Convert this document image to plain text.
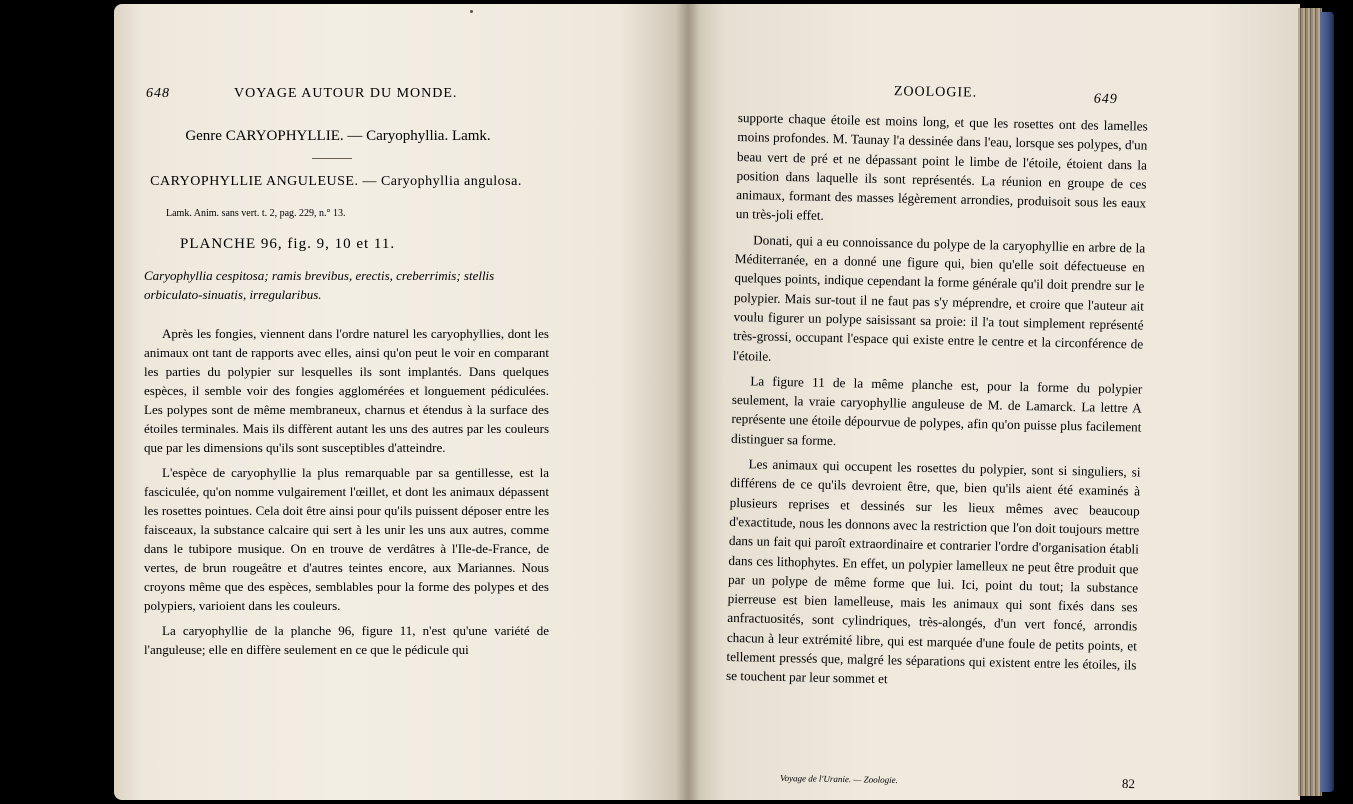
648	VOYAGE AUTOUR DU MONDE.
Genre CARYOPHYLLIE. — Caryophyllia. Lamk.
CARYOPHYLLIE ANGULEUSE. — Caryophyllia angulosa.
Lamk. Anim. sans vert. t. 2, pag. 229, n.° 13.
PLANCHE 96, fig. 9, 10 et 11.
Caryophyllia cespitosa; ramis brevibus, erectis, creberrimis; stellis orbiculato-sinuatis, irregularibus.

Après les fongies, viennent dans l'ordre naturel les caryophyllies, dont les animaux ont tant de rapports avec elles, ainsi qu'on peut le voir en comparant les parties du polypier sur lesquelles ils sont implantés. Dans quelques espèces, il semble voir des fongies agglomérées et longuement pédiculées. Les polypes sont de même membraneux, charnus et étendus à la surface des étoiles terminales. Mais ils diffèrent autant les uns des autres par les couleurs que par les dimensions qu'ils sont susceptibles d'atteindre.

L'espèce de caryophyllie la plus remarquable par sa gentillesse, est la fasciculée, qu'on nomme vulgairement l'œillet, et dont les animaux dépassent les rosettes pointues. Cela doit être ainsi pour qu'ils puissent déposer entre les faisceaux, la substance calcaire qui sert à les unir les uns aux autres, comme dans le tubipore musique. On en trouve de verdâtres à l'Ile-de-France, de vertes, de brun rougeâtre et d'autres teintes encore, aux Mariannes. Nous croyons même que des espèces, semblables pour la forme des polypes et des polypiers, varioient dans les couleurs.

La caryophyllie de la planche 96, figure 11, n'est qu'une variété de l'anguleuse; elle en diffère seulement en ce que le pédicule qui

ZOOLOGIE.	649

supporte chaque étoile est moins long, et que les rosettes ont des lamelles moins profondes. M. Taunay l'a dessinée dans l'eau, lorsque ses polypes, d'un beau vert de pré et ne dépassant point le limbe de l'étoile, étoient dans la position dans laquelle ils sont représentés. La réunion en groupe de ces animaux, formant des masses légèrement arrondies, produisoit sous les eaux un très-joli effet.

Donati, qui a eu connoissance du polype de la caryophyllie en arbre de la Méditerranée, en a donné une figure qui, bien qu'elle soit défectueuse en quelques points, indique cependant la forme générale qu'il doit prendre sur le polypier. Mais sur-tout il ne faut pas s'y méprendre, et croire que l'auteur ait voulu figurer un polype saisissant sa proie: il l'a tout simplement représenté très-grossi, occupant l'espace qui existe entre le centre et la circonférence de l'étoile.

La figure 11 de la même planche est, pour la forme du polypier seulement, la vraie caryophyllie anguleuse de M. de Lamarck. La lettre A représente une étoile dépourvue de polypes, afin qu'on puisse plus facilement distinguer sa forme.

Les animaux qui occupent les rosettes du polypier, sont si singuliers, si différens de ce qu'ils devroient être, que, bien qu'ils aient été examinés à plusieurs reprises et dessinés sur les lieux mêmes avec beaucoup d'exactitude, nous les donnons avec la restriction que l'on doit toujours mettre dans un fait qui paroît extraordinaire et contrarier l'ordre d'organisation établi dans ces lithophytes. En effet, un polypier lamelleux ne peut être produit que par un polype de même forme que lui. Ici, point du tout; la substance pierreuse est bien lamelleuse, mais les animaux qui sont fixés dans ses anfractuosités, sont cylindriques, très-alongés, d'un vert foncé, arrondis chacun à leur extrémité libre, qui est marquée d'une foule de petits points, et tellement pressés que, malgré les séparations qui existent entre les étoiles, ils se touchent par leur sommet et

Voyage de l'Uranie. — Zoologie.	82
